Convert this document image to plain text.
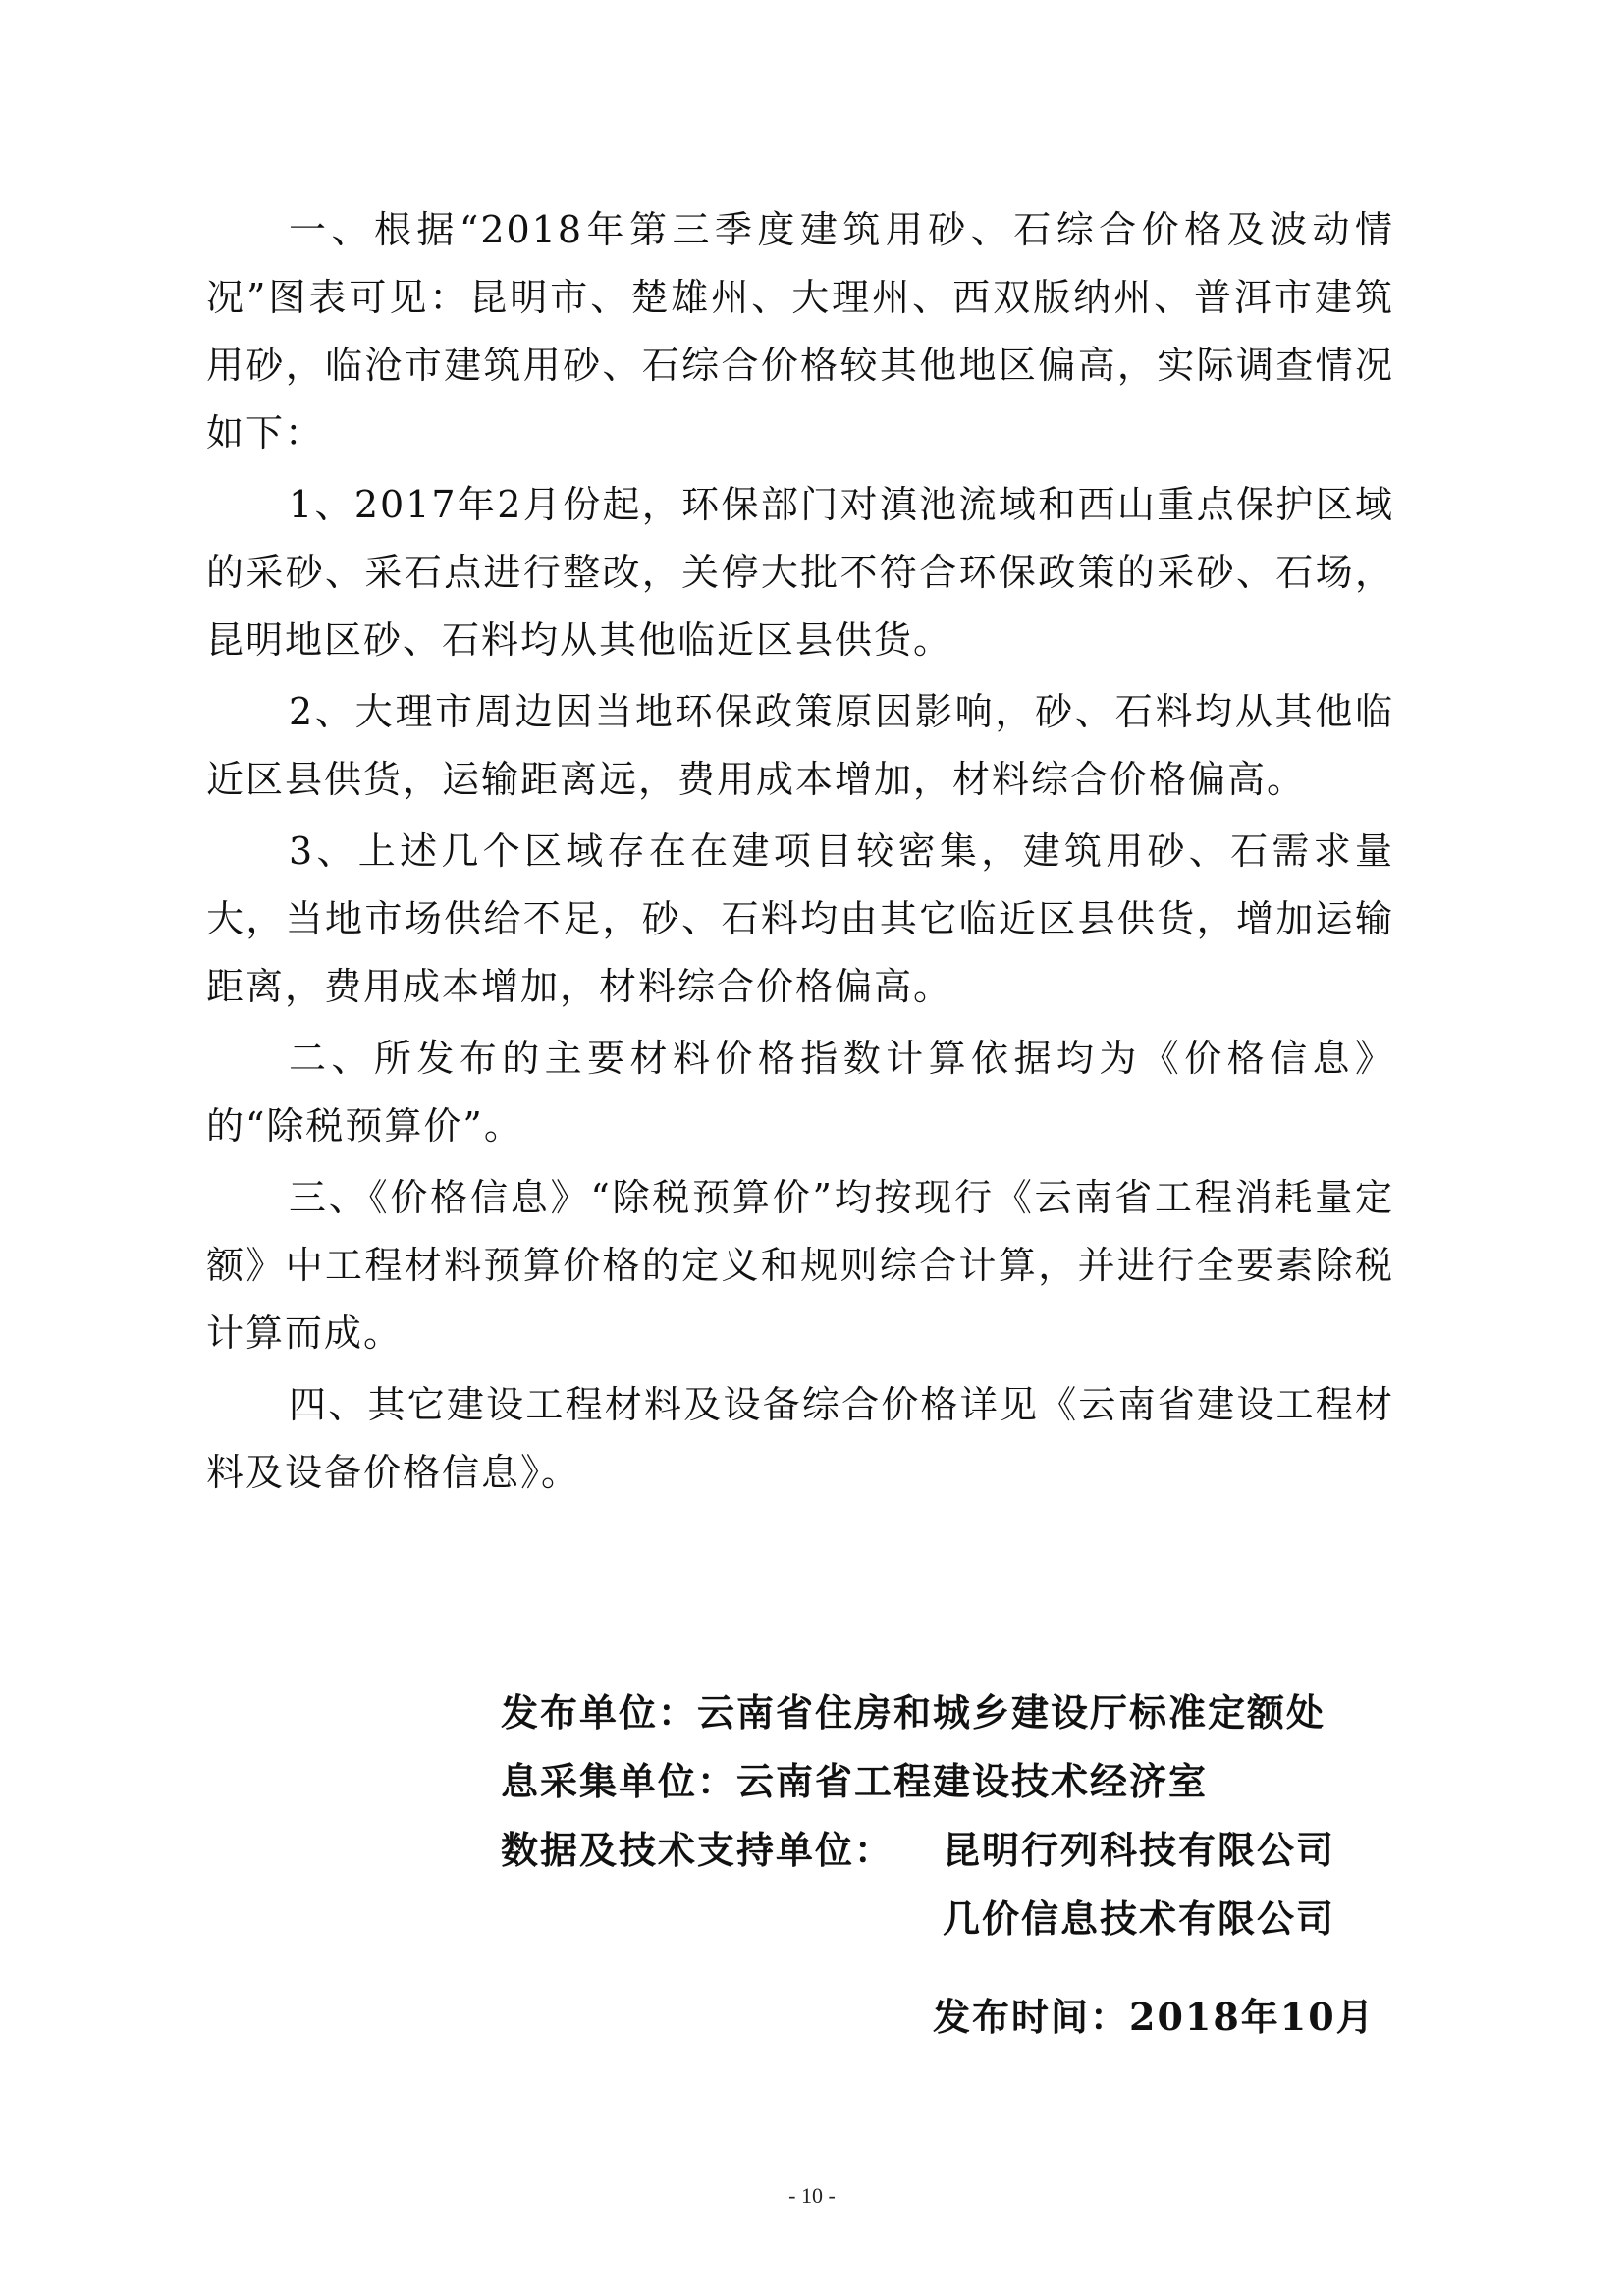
一、根据“2018年第三季度建筑用砂、石综合价格及波动情况”图表可见：昆明市、楚雄州、大理州、西双版纳州、普洱市建筑用砂，临沧市建筑用砂、石综合价格较其他地区偏高，实际调查情况如下：

1、2017年2月份起，环保部门对滇池流域和西山重点保护区域的采砂、采石点进行整改，关停大批不符合环保政策的采砂、石场，昆明地区砂、石料均从其他临近区县供货。

2、大理市周边因当地环保政策原因影响，砂、石料均从其他临近区县供货，运输距离远，费用成本增加，材料综合价格偏高。

3、上述几个区域存在在建项目较密集，建筑用砂、石需求量大，当地市场供给不足，砂、石料均由其它临近区县供货，增加运输距离，费用成本增加，材料综合价格偏高。

二、所发布的主要材料价格指数计算依据均为《价格信息》的“除税预算价”。

三、《价格信息》“除税预算价”均按现行《云南省工程消耗量定额》中工程材料预算价格的定义和规则综合计算，并进行全要素除税计算而成。

四、其它建设工程材料及设备综合价格详见《云南省建设工程材料及设备价格信息》。

发布单位：云南省住房和城乡建设厅标准定额处
息采集单位：云南省工程建设技术经济室
数据及技术支持单位：	昆明行列科技有限公司
几价信息技术有限公司
发布时间：2018年10月
- 10 -
